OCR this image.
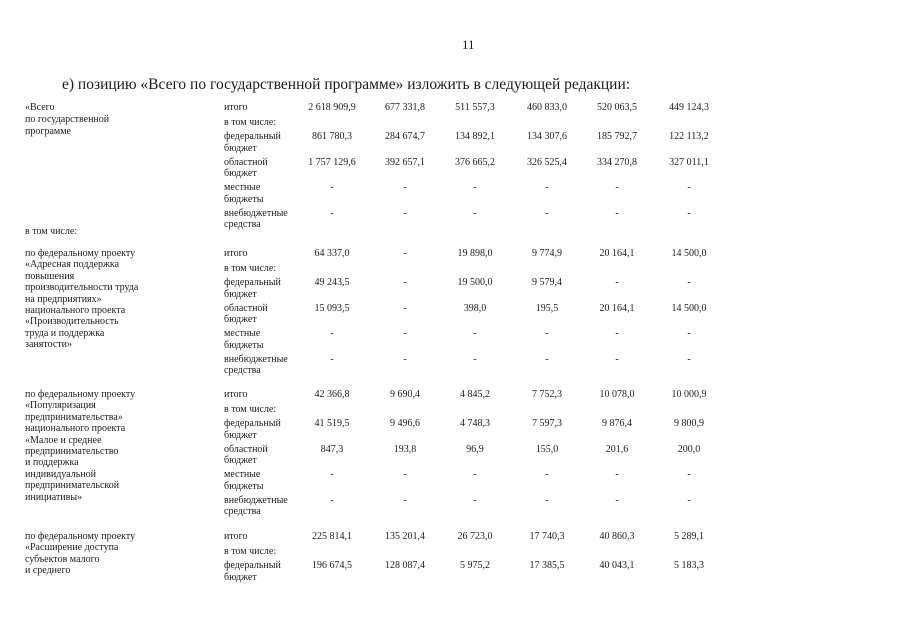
11
е) позицию «Всего по государственной программе» изложить в следующей редакции:
в том числе:
«Всего
по государственной
программе
итого	2 618 909,9	677 331,8	511 557,3	460 833,0	520 063,5	449 124,3
в том числе:
федеральный
бюджет
861 780,3	284 674,7	134 892,1	134 307,6	185 792,7	122 113,2
областной
бюджет
1 757 129,6	392 657,1	376 665,2	326 525,4	334 270,8	327 011,1
местные
бюджеты
-	-	-	-	-	-
внебюджетные
средства
-	-	-	-	-	-
по федеральному проекту
«Адресная поддержка
повышения
производительности труда
на предприятиях»
национального проекта
«Производительность
труда и поддержка
занятости»
итого	64 337,0	-	19 898,0	9 774,9	20 164,1	14 500,0
в том числе:
федеральный
бюджет
49 243,5	-	19 500,0	9 579,4	-	-
областной
бюджет
15 093,5	-	398,0	195,5	20 164,1	14 500,0
местные
бюджеты
-	-	-	-	-	-
внебюджетные
средства
-	-	-	-	-	-
по федеральному проекту
«Популяризация
предпринимательства»
национального проекта
«Малое и среднее
предпринимательство
и поддержка
индивидуальной
предпринимательской
инициативы»
итого	42 366,8	9 690,4	4 845,2	7 752,3	10 078,0	10 000,9
в том числе:
федеральный
бюджет
41 519,5	9 496,6	4 748,3	7 597,3	9 876,4	9 800,9
областной
бюджет
847,3	193,8	96,9	155,0	201,6	200,0
местные
бюджеты
-	-	-	-	-	-
внебюджетные
средства
-	-	-	-	-	-
по федеральному проекту
«Расширение доступа
субъектов малого
и среднего
итого	225 814,1	135 201,4	26 723,0	17 740,3	40 860,3	5 289,1
в том числе:
федеральный
бюджет
196 674,5	128 087,4	5 975,2	17 385,5	40 043,1	5 183,3
